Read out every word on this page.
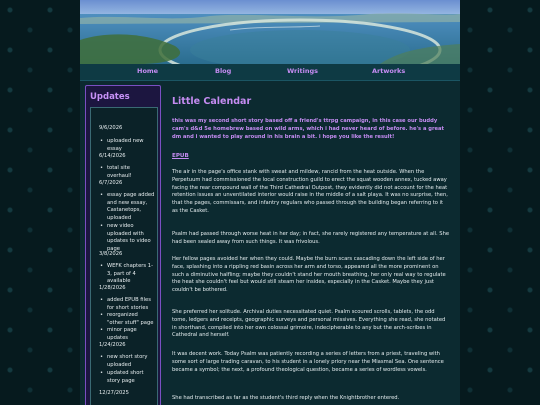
Home	Blog	Writings	Artworks
Updates
9/6/2026
• uploaded new essay
6/14/2026
• total site overhaul!
6/7/2026
• essay page added and new essay, Castanetops, uploaded
• new video uploaded with updates to video page
3/8/2026
• WEFK chapters 1-3, part of 4 available
1/28/2026
• added EPUB files for short stories
• reorganized "other stuff" page
• minor page updates
1/24/2026
• new short story uploaded
• updated short story page
12/27/2025
Little Calendar
this was my second short story based off a friend's ttrpg campaign, in this case our buddy cam's d&d 5e homebrew based on wild arms, which i had never heard of before. he's a great dm and i wanted to play around in his brain a bit. i hope you like the result!
EPUB
The air in the page's office stank with sweat and mildew, rancid from the heat outside. When the Perpetuum had commissioned the local construction guild to erect the squat wooden annex, tucked away facing the rear compound wall of the Third Cathedral Outpost, they evidently did not account for the heat retention issues an unventilated interior would raise in the middle of a salt playa. It was no surprise, then, that the pages, commissars, and infantry regulars who passed through the building began referring to it as the Casket.
Psalm had passed through worse heat in her day; in fact, she rarely registered any temperature at all. She had been sealed away from such things. It was frivolous.
Her fellow pages avoided her when they could. Maybe the burn scars cascading down the left side of her face, splashing into a rippling red basin across her arm and torso, appeared all the more prominent on such a diminutive halfling; maybe they couldn't stand her mouth breathing, her only real way to regulate the heat she couldn't feel but would still steam her insides, especially in the Casket. Maybe they just couldn't be bothered.
She preferred her solitude. Archival duties necessitated quiet. Psalm scoured scrolls, tablets, the odd tome, ledgers and receipts, geographic surveys and personal missives. Everything she read, she notated in shorthand, compiled into her own colossal grimoire, indecipherable to any but the arch-scribes in Cathedral and herself.
It was decent work. Today Psalm was patiently recording a series of letters from a priest, traveling with some sort of large trading caravan, to his student in a lonely priory near the Miasmal Sea. One sentence became a symbol; the next, a profound theological question, became a series of wordless vowels.
She had transcribed as far as the student's third reply when the Knightbrother entered.
